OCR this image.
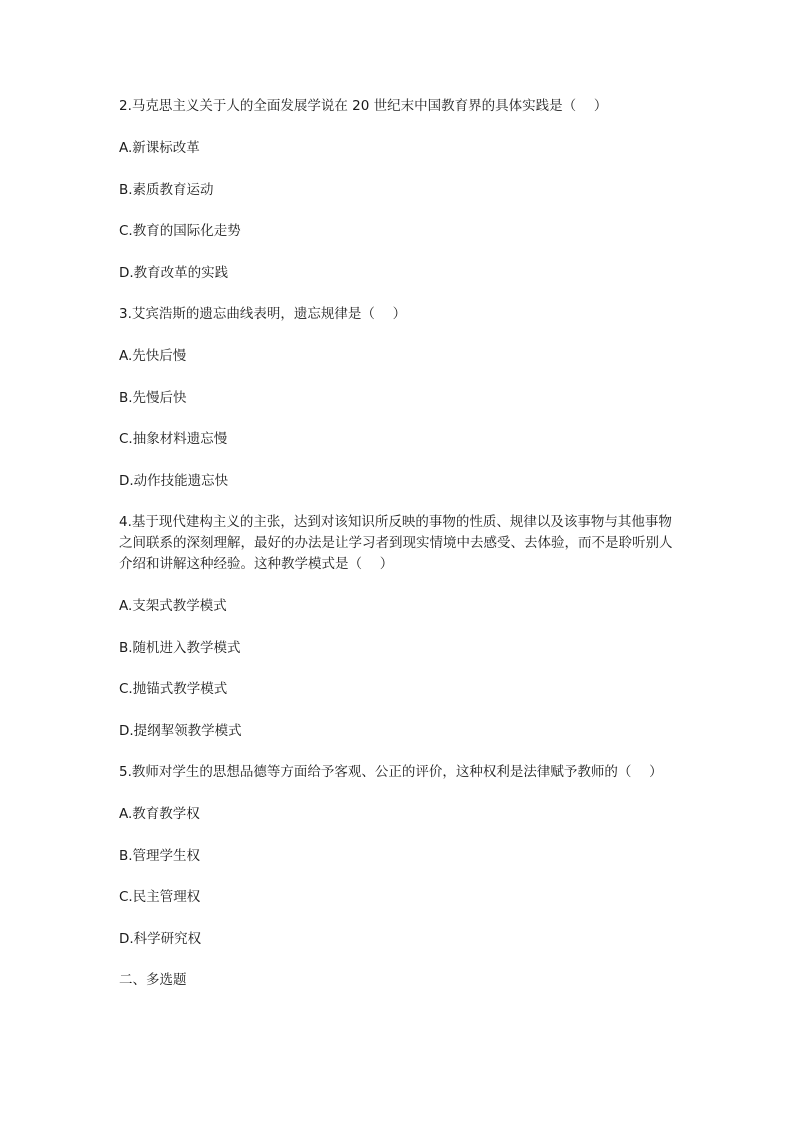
2.马克思主义关于人的全面发展学说在 20 世纪末中国教育界的具体实践是（　 ）

A.新课标改革

B.素质教育运动

C.教育的国际化走势

D.教育改革的实践

3.艾宾浩斯的遗忘曲线表明，遗忘规律是（　 ）

A.先快后慢

B.先慢后快

C.抽象材料遗忘慢

D.动作技能遗忘快

4.基于现代建构主义的主张，达到对该知识所反映的事物的性质、规律以及该事物与其他事物之间联系的深刻理解，最好的办法是让学习者到现实情境中去感受、去体验，而不是聆听别人介绍和讲解这种经验。这种教学模式是（　 ）

A.支架式教学模式

B.随机进入教学模式

C.抛锚式教学模式

D.提纲挈领教学模式

5.教师对学生的思想品德等方面给予客观、公正的评价，这种权利是法律赋予教师的（　 ）

A.教育教学权

B.管理学生权

C.民主管理权

D.科学研究权

二、多选题
